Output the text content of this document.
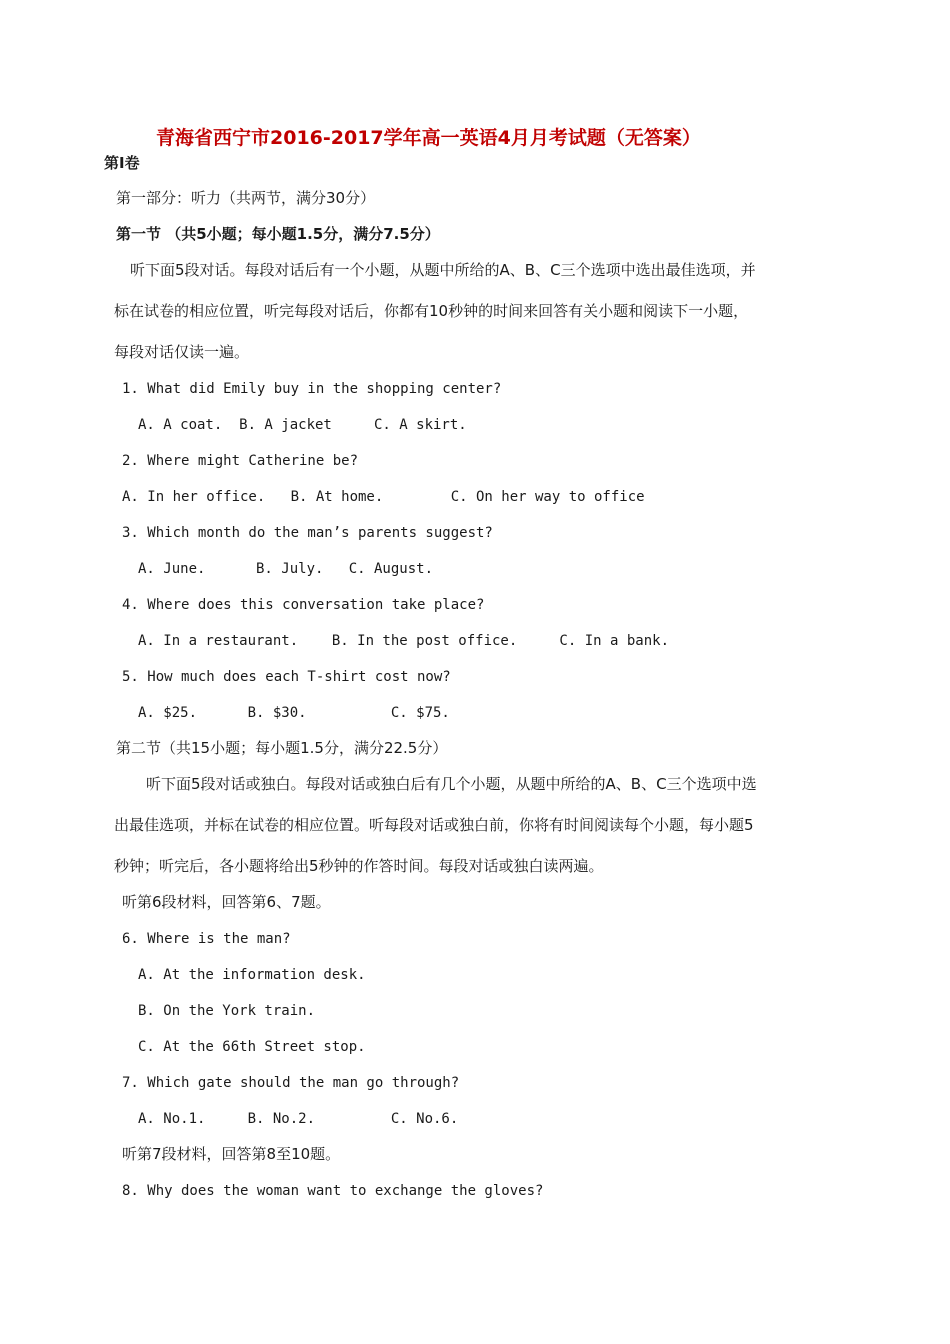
青海省西宁市2016-2017学年高一英语4月月考试题（无答案）
第I卷
第一部分：听力（共两节，满分30分）
第一节 （共5小题；每小题1.5分，满分7.5分）
听下面5段对话。每段对话后有一个小题，从题中所给的A、B、C三个选项中选出最佳选项，并
标在试卷的相应位置，听完每段对话后，你都有10秒钟的时间来回答有关小题和阅读下一小题，
每段对话仅读一遍。
1. What did Emily buy in the shopping center?
A. A coat.  B. A jacket     C. A skirt.
2. Where might Catherine be?
A. In her office.   B. At home.        C. On her way to office
3. Which month do the man’s parents suggest?
A. June.      B. July.   C. August.
4. Where does this conversation take place?
A. In a restaurant.    B. In the post office.     C. In a bank.
5. How much does each T-shirt cost now?
A. $25.      B. $30.          C. $75.
第二节（共15小题；每小题1.5分，满分22.5分）
听下面5段对话或独白。每段对话或独白后有几个小题，从题中所给的A、B、C三个选项中选
出最佳选项，并标在试卷的相应位置。听每段对话或独白前，你将有时间阅读每个小题，每小题5
秒钟；听完后，各小题将给出5秒钟的作答时间。每段对话或独白读两遍。
听第6段材料，回答第6、7题。
6. Where is the man?
A. At the information desk.
B. On the York train.
C. At the 66th Street stop.
7. Which gate should the man go through?
A. No.1.     B. No.2.         C. No.6.
听第7段材料，回答第8至10题。
8. Why does the woman want to exchange the gloves?
